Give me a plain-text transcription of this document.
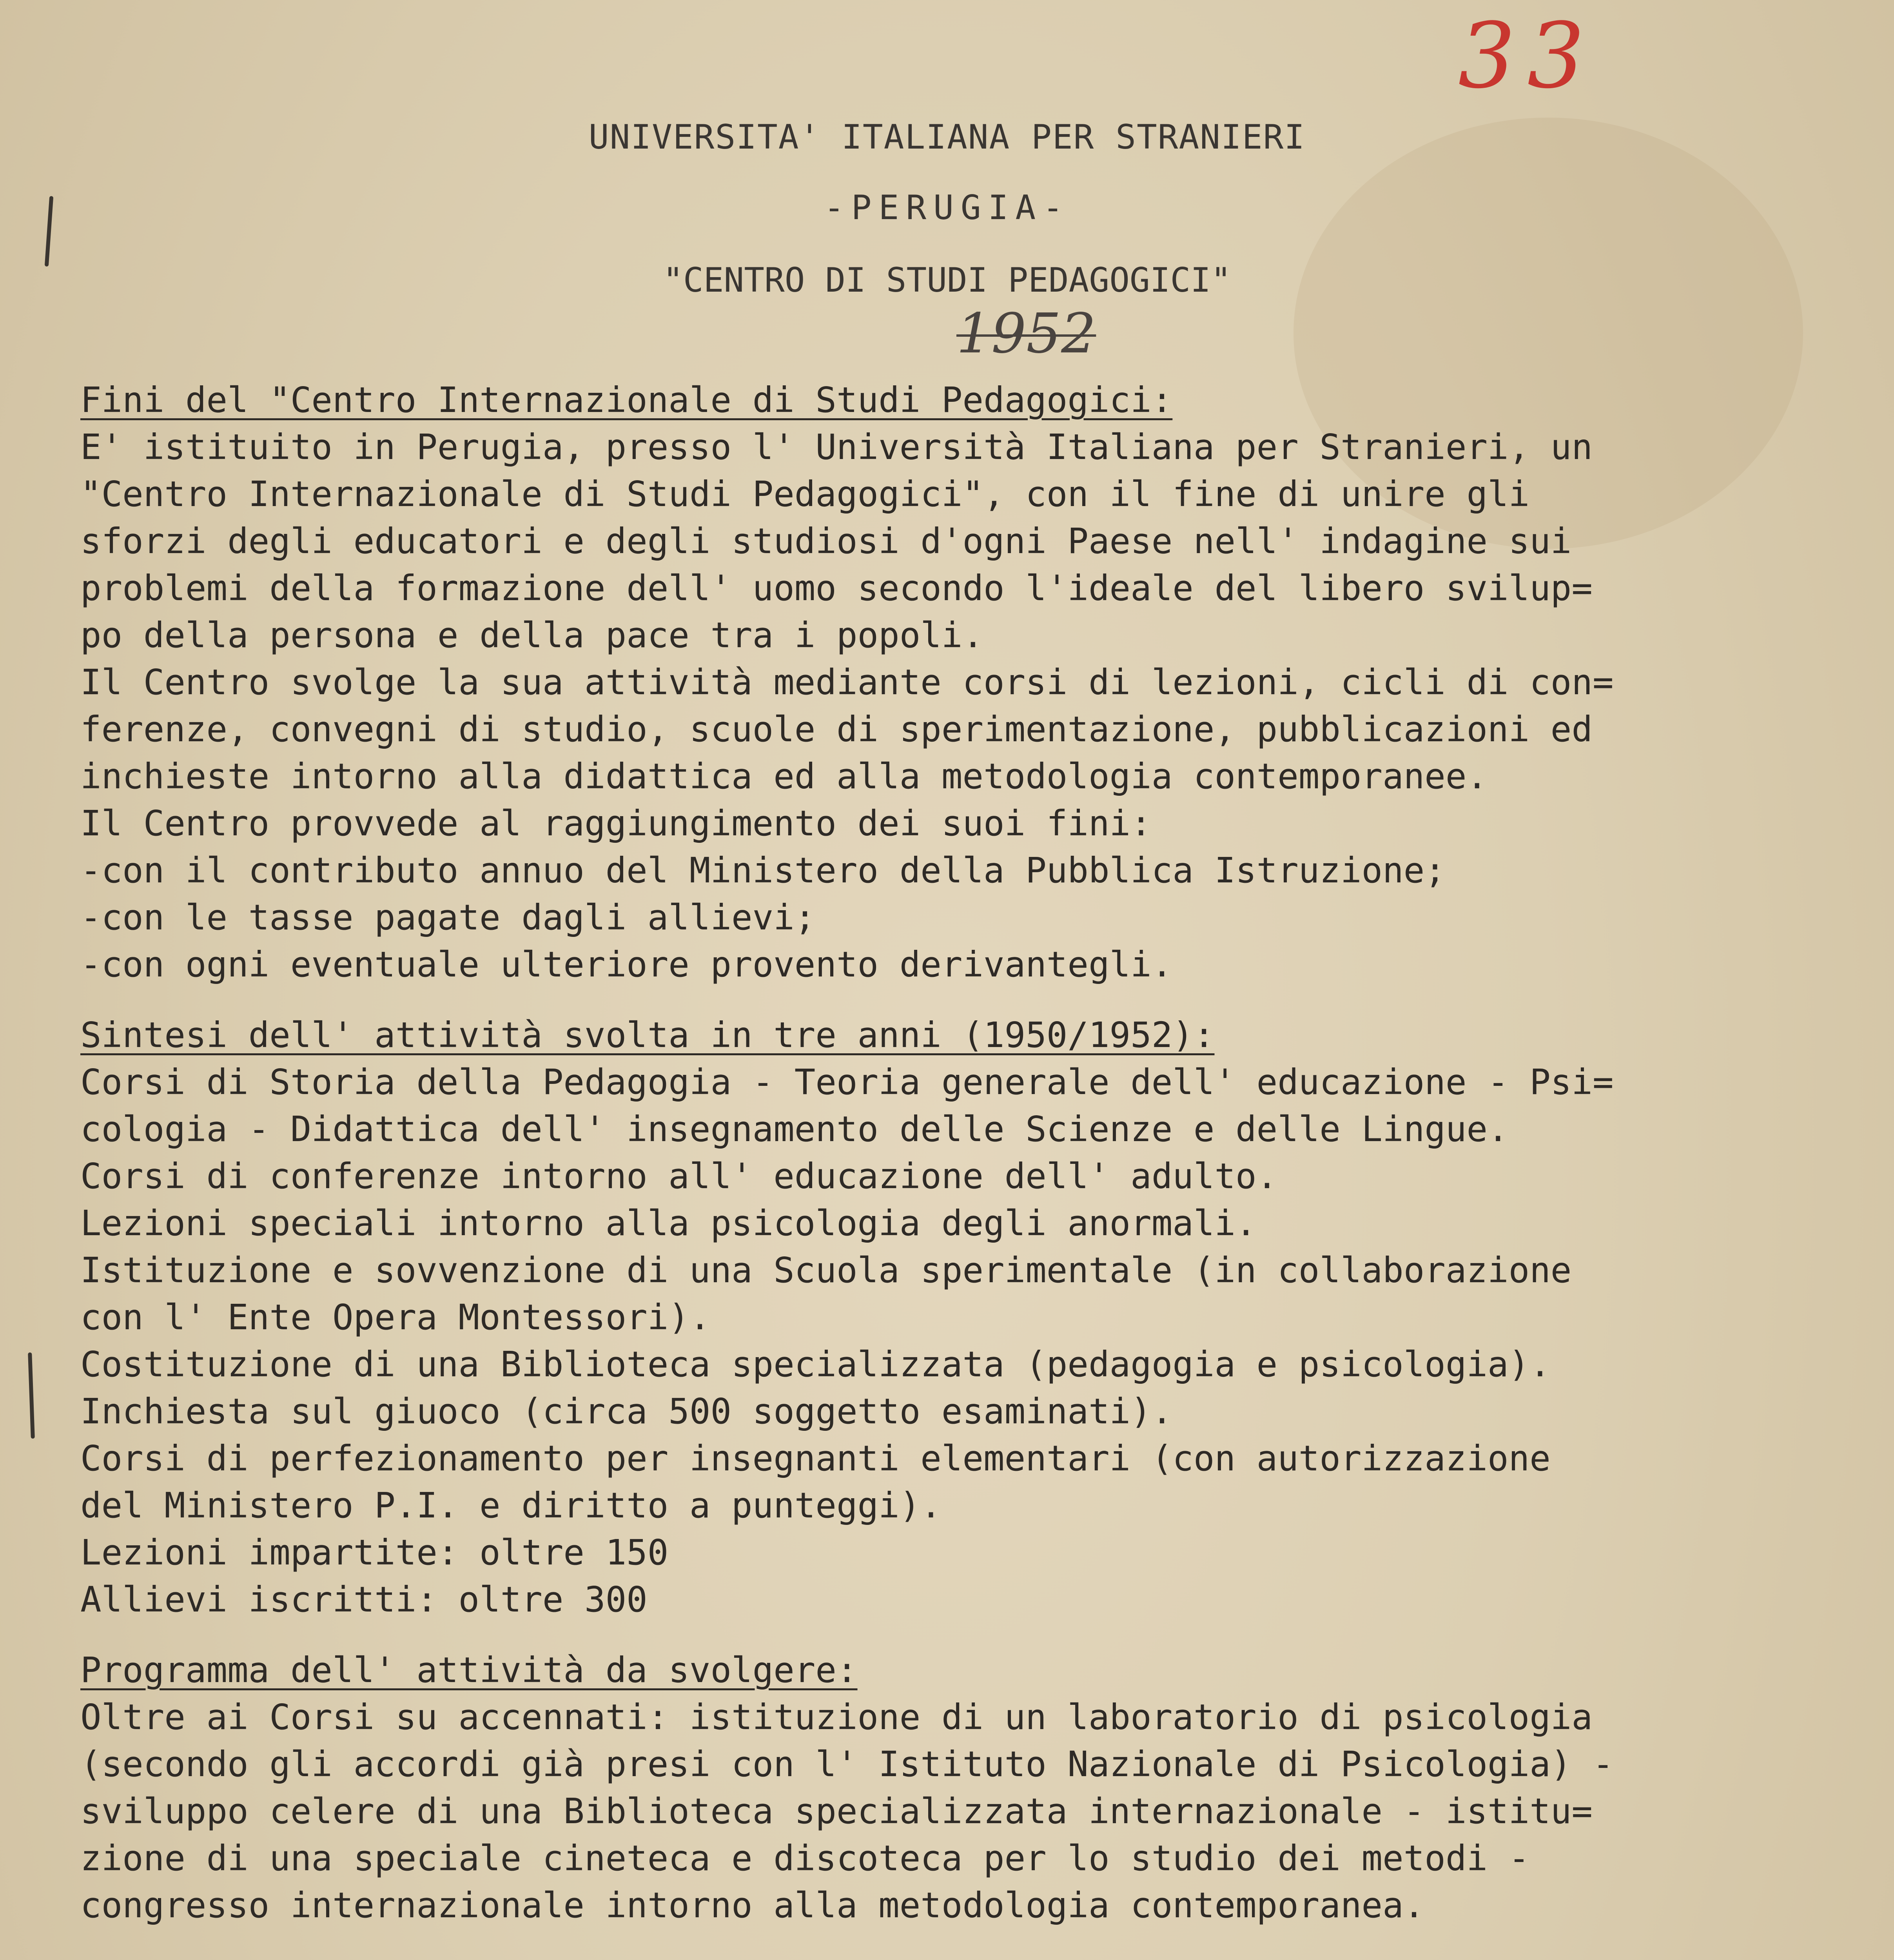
33
UNIVERSITA' ITALIANA PER STRANIERI
-PERUGIA-
"CENTRO DI STUDI PEDAGOGICI"
1952
Fini del "Centro Internazionale di Studi Pedagogici:
E' istituito in Perugia, presso l' Università Italiana per Stranieri, un
"Centro Internazionale di Studi Pedagogici", con il fine di unire gli
sforzi degli educatori e degli studiosi d'ogni Paese nell' indagine sui
problemi della formazione dell' uomo secondo l'ideale del libero svilup=
po della persona e della pace tra i popoli.
Il Centro svolge la sua attività mediante corsi di lezioni, cicli di con=
ferenze, convegni di studio, scuole di sperimentazione, pubblicazioni ed
inchieste intorno alla didattica ed alla metodologia contemporanee.
Il Centro provvede al raggiungimento dei suoi fini:
-con il contributo annuo del Ministero della Pubblica Istruzione;
-con le tasse pagate dagli allievi;
-con ogni eventuale ulteriore provento derivantegli.
Sintesi dell' attività svolta in tre anni (1950/1952):
Corsi di Storia della Pedagogia - Teoria generale dell' educazione - Psi=
cologia - Didattica dell' insegnamento delle Scienze e delle Lingue.
Corsi di conferenze intorno all' educazione dell' adulto.
Lezioni speciali intorno alla psicologia degli anormali.
Istituzione e sovvenzione di una Scuola sperimentale (in collaborazione
con l' Ente Opera Montessori).
Costituzione di una Biblioteca specializzata (pedagogia e psicologia).
Inchiesta sul giuoco (circa 500 soggetto esaminati).
Corsi di perfezionamento per insegnanti elementari (con autorizzazione
del Ministero P.I. e diritto a punteggi).
Lezioni impartite: oltre 150
Allievi iscritti: oltre 300
Programma dell' attività da svolgere:
Oltre ai Corsi su accennati: istituzione di un laboratorio di psicologia
(secondo gli accordi già presi con l' Istituto Nazionale di Psicologia) -
sviluppo celere di una Biblioteca specializzata internazionale - istitu=
zione di una speciale cineteca e discoteca per lo studio dei metodi -
congresso internazionale intorno alla metodologia contemporanea.
